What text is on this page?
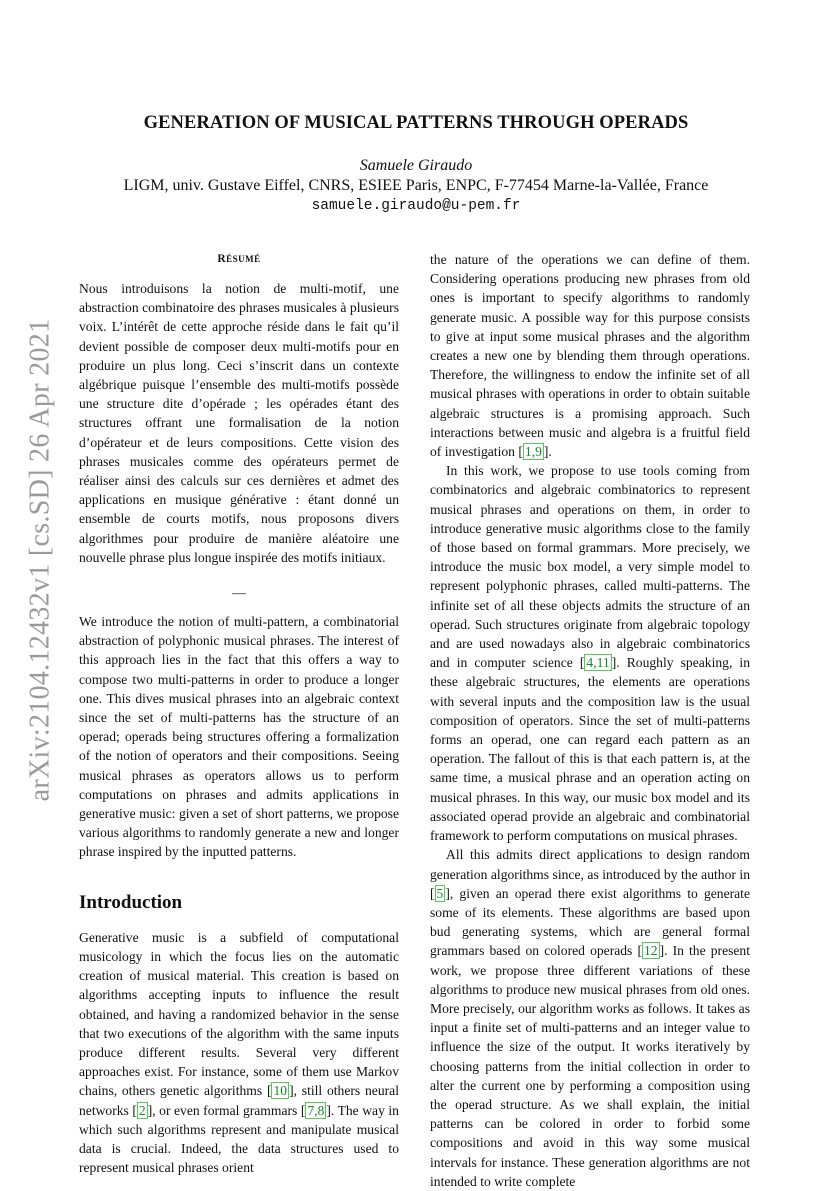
arXiv:2104.12432v1 [cs.SD] 26 Apr 2021
GENERATION OF MUSICAL PATTERNS THROUGH OPERADS
Samuele Giraudo
LIGM, univ. Gustave Eiffel, CNRS, ESIEE Paris, ENPC, F-77454 Marne-la-Vallée, France
samuele.giraudo@u-pem.fr
RÉSUMÉ

Nous introduisons la notion de multi-motif, une abstraction combinatoire des phrases musicales à plusieurs voix. L’intérêt de cette approche réside dans le fait qu’il devient possible de composer deux multi-motifs pour en produire un plus long. Ceci s’inscrit dans un contexte algébrique puisque l’ensemble des multi-motifs possède une structure dite d’opérade ; les opérades étant des structures offrant une formalisation de la notion d’opérateur et de leurs compositions. Cette vision des phrases musicales comme des opérateurs permet de réaliser ainsi des calculs sur ces dernières et admet des applications en musique générative : étant donné un ensemble de courts motifs, nous proposons divers algorithmes pour produire de manière aléatoire une nouvelle phrase plus longue inspirée des motifs initiaux.

—

We introduce the notion of multi-pattern, a combinatorial abstraction of polyphonic musical phrases. The interest of this approach lies in the fact that this offers a way to compose two multi-patterns in order to produce a longer one. This dives musical phrases into an algebraic context since the set of multi-patterns has the structure of an operad; operads being structures offering a formalization of the notion of operators and their compositions. Seeing musical phrases as operators allows us to perform computations on phrases and admits applications in generative music: given a set of short patterns, we propose various algorithms to randomly generate a new and longer phrase inspired by the inputted patterns.

Introduction

Generative music is a subfield of computational musicology in which the focus lies on the automatic creation of musical material. This creation is based on algorithms accepting inputs to influence the result obtained, and having a randomized behavior in the sense that two executions of the algorithm with the same inputs produce different results. Several very different approaches exist. For instance, some of them use Markov chains, others genetic algorithms [ 10 ], still others neural networks [ 2 ], or even formal grammars [ 7,8 ]. The way in which such algorithms represent and manipulate musical data is crucial. Indeed, the data structures used to represent musical phrases orient

the nature of the operations we can define of them. Considering operations producing new phrases from old ones is important to specify algorithms to randomly generate music. A possible way for this purpose consists to give at input some musical phrases and the algorithm creates a new one by blending them through operations. Therefore, the willingness to endow the infinite set of all musical phrases with operations in order to obtain suitable algebraic structures is a promising approach. Such interactions between music and algebra is a fruitful field of investigation [ 1,9 ].

In this work, we propose to use tools coming from combinatorics and algebraic combinatorics to represent musical phrases and operations on them, in order to introduce generative music algorithms close to the family of those based on formal grammars. More precisely, we introduce the music box model, a very simple model to represent polyphonic phrases, called multi-patterns. The infinite set of all these objects admits the structure of an operad. Such structures originate from algebraic topology and are used nowadays also in algebraic combinatorics and in computer science [ 4,11 ]. Roughly speaking, in these algebraic structures, the elements are operations with several inputs and the composition law is the usual composition of operators. Since the set of multi-patterns forms an operad, one can regard each pattern as an operation. The fallout of this is that each pattern is, at the same time, a musical phrase and an operation acting on musical phrases. In this way, our music box model and its associated operad provide an algebraic and combinatorial framework to perform computations on musical phrases.

All this admits direct applications to design random generation algorithms since, as introduced by the author in [ 5 ], given an operad there exist algorithms to generate some of its elements. These algorithms are based upon bud generating systems, which are general formal grammars based on colored operads [ 12 ]. In the present work, we propose three different variations of these algorithms to produce new musical phrases from old ones. More precisely, our algorithm works as follows. It takes as input a finite set of multi-patterns and an integer value to influence the size of the output. It works iteratively by choosing patterns from the initial collection in order to alter the current one by performing a composition using the operad structure. As we shall explain, the initial patterns can be colored in order to forbid some compositions and avoid in this way some musical intervals for instance. These generation algorithms are not intended to write complete
